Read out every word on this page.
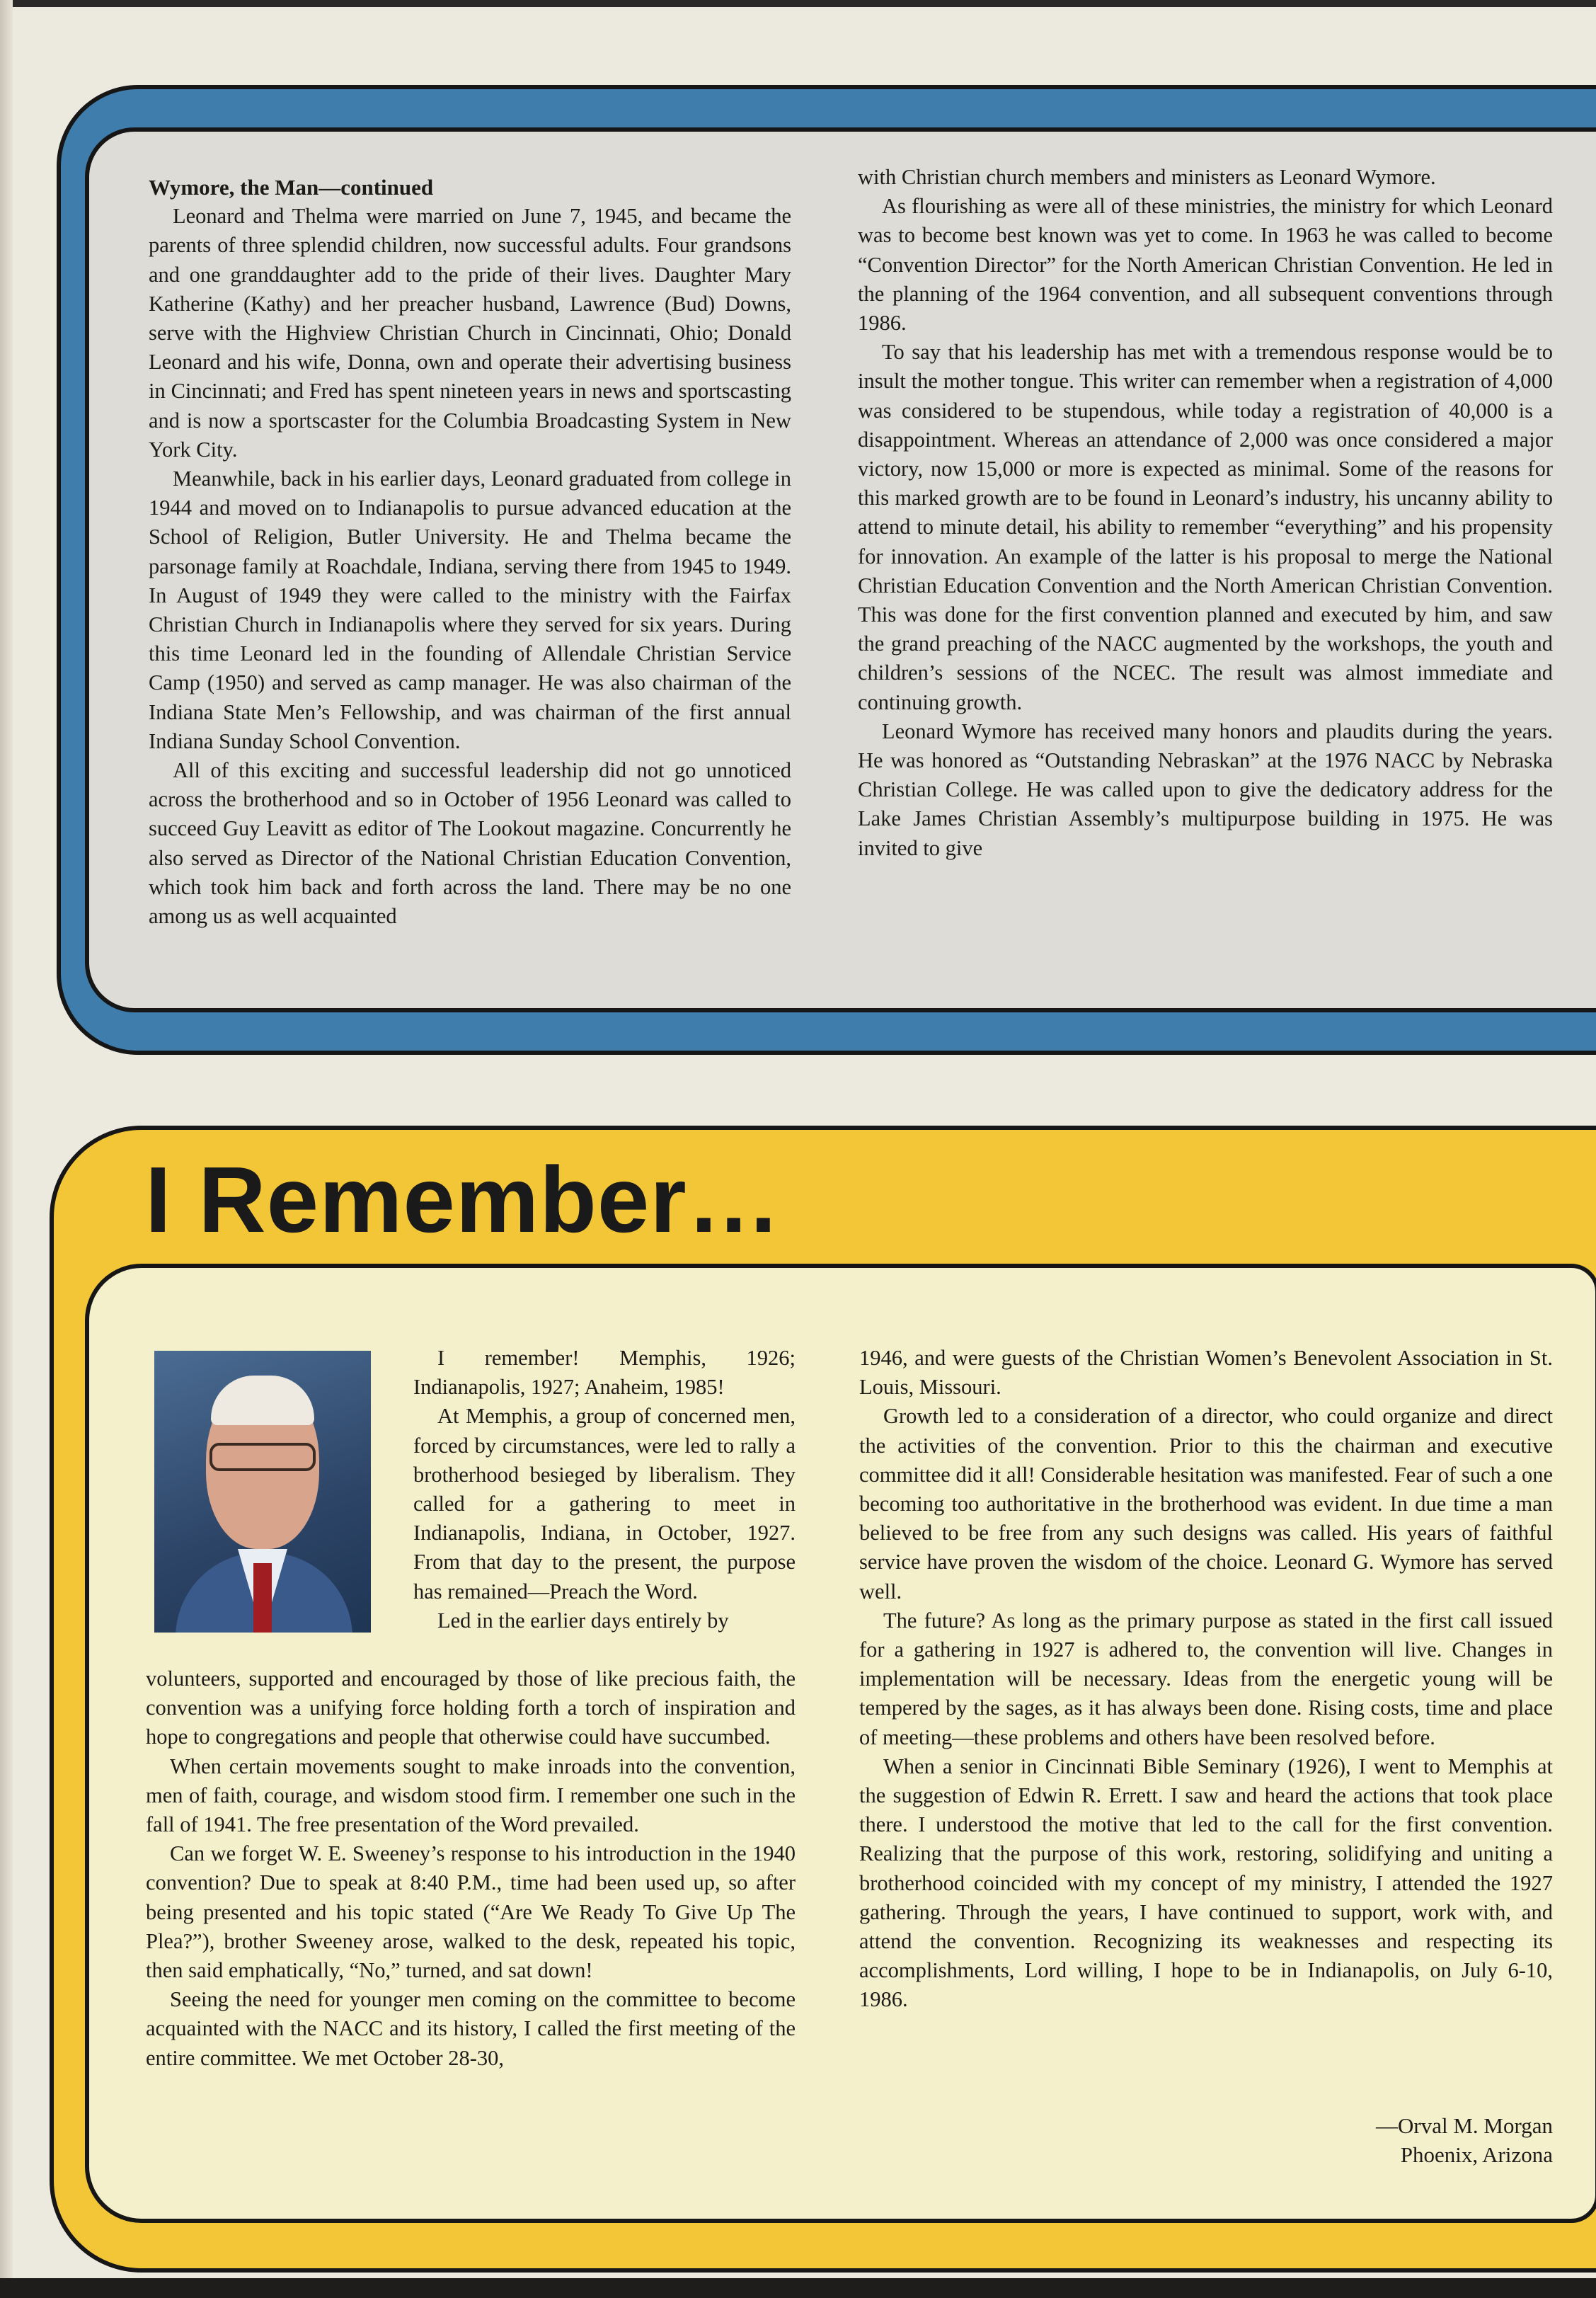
Wymore, the Man—continued

Leonard and Thelma were married on June 7, 1945, and became the parents of three splendid children, now successful adults. Four grandsons and one granddaughter add to the pride of their lives. Daughter Mary Katherine (Kathy) and her preacher husband, Lawrence (Bud) Downs, serve with the Highview Christian Church in Cincinnati, Ohio; Donald Leonard and his wife, Donna, own and operate their advertising business in Cincinnati; and Fred has spent nineteen years in news and sportscasting and is now a sportscaster for the Columbia Broadcasting System in New York City.

Meanwhile, back in his earlier days, Leonard graduated from college in 1944 and moved on to Indianapolis to pursue advanced education at the School of Religion, Butler University. He and Thelma became the parsonage family at Roachdale, Indiana, serving there from 1945 to 1949. In August of 1949 they were called to the ministry with the Fairfax Christian Church in Indianapolis where they served for six years. During this time Leonard led in the founding of Allendale Christian Service Camp (1950) and served as camp manager. He was also chairman of the Indiana State Men’s Fellowship, and was chairman of the first annual Indiana Sunday School Convention.

All of this exciting and successful leadership did not go unnoticed across the brotherhood and so in October of 1956 Leonard was called to succeed Guy Leavitt as editor of The Lookout magazine. Concurrently he also served as Director of the National Christian Education Convention, which took him back and forth across the land. There may be no one among us as well acquainted

with Christian church members and ministers as Leonard Wymore.

As flourishing as were all of these ministries, the ministry for which Leonard was to become best known was yet to come. In 1963 he was called to become “Convention Director” for the North American Christian Convention. He led in the planning of the 1964 convention, and all subsequent conventions through 1986.

To say that his leadership has met with a tremendous response would be to insult the mother tongue. This writer can remember when a registration of 4,000 was considered to be stupendous, while today a registration of 40,000 is a disappointment. Whereas an attendance of 2,000 was once considered a major victory, now 15,000 or more is expected as minimal. Some of the reasons for this marked growth are to be found in Leonard’s industry, his uncanny ability to attend to minute detail, his ability to remember “everything” and his propensity for innovation. An example of the latter is his proposal to merge the National Christian Education Convention and the North American Christian Convention. This was done for the first convention planned and executed by him, and saw the grand preaching of the NACC augmented by the workshops, the youth and children’s sessions of the NCEC. The result was almost immediate and continuing growth.

Leonard Wymore has received many honors and plaudits during the years. He was honored as “Outstanding Nebraskan” at the 1976 NACC by Nebraska Christian College. He was called upon to give the dedicatory address for the Lake James Christian Assembly’s multipurpose building in 1975. He was invited to give

I Remember…

I remember! Memphis, 1926; Indianapolis, 1927; Anaheim, 1985!

At Memphis, a group of concerned men, forced by circumstances, were led to rally a brotherhood besieged by liberalism. They called for a gathering to meet in Indianapolis, Indiana, in October, 1927. From that day to the present, the purpose has remained—Preach the Word.

Led in the earlier days entirely by

volunteers, supported and encouraged by those of like precious faith, the convention was a unifying force holding forth a torch of inspiration and hope to congregations and people that otherwise could have succumbed.

When certain movements sought to make inroads into the convention, men of faith, courage, and wisdom stood firm. I remember one such in the fall of 1941. The free presentation of the Word prevailed.

Can we forget W. E. Sweeney’s response to his introduction in the 1940 convention? Due to speak at 8:40 P.M., time had been used up, so after being presented and his topic stated (“Are We Ready To Give Up The Plea?”), brother Sweeney arose, walked to the desk, repeated his topic, then said emphatically, “No,” turned, and sat down!

Seeing the need for younger men coming on the committee to become acquainted with the NACC and its history, I called the first meeting of the entire committee. We met October 28-30,

1946, and were guests of the Christian Women’s Benevolent Association in St. Louis, Missouri.

Growth led to a consideration of a director, who could organize and direct the activities of the convention. Prior to this the chairman and executive committee did it all! Considerable hesitation was manifested. Fear of such a one becoming too authoritative in the brotherhood was evident. In due time a man believed to be free from any such designs was called. His years of faithful service have proven the wisdom of the choice. Leonard G. Wymore has served well.

The future? As long as the primary purpose as stated in the first call issued for a gathering in 1927 is adhered to, the convention will live. Changes in implementation will be necessary. Ideas from the energetic young will be tempered by the sages, as it has always been done. Rising costs, time and place of meeting—these problems and others have been resolved before.

When a senior in Cincinnati Bible Seminary (1926), I went to Memphis at the suggestion of Edwin R. Errett. I saw and heard the actions that took place there. I understood the motive that led to the call for the first convention. Realizing that the purpose of this work, restoring, solidifying and uniting a brotherhood coincided with my concept of my ministry, I attended the 1927 gathering. Through the years, I have continued to support, work with, and attend the convention. Recognizing its weaknesses and respecting its accomplishments, Lord willing, I hope to be in Indianapolis, on July 6-10, 1986.

—Orval M. Morgan
Phoenix, Arizona
